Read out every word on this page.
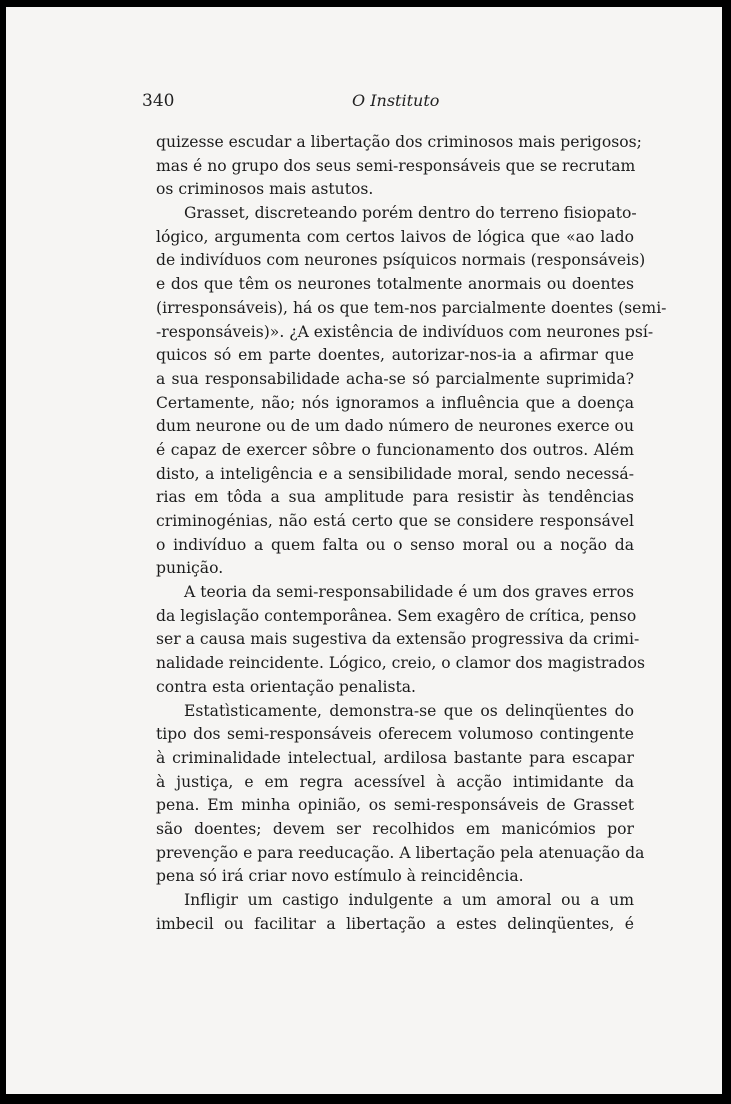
340	O Instituto
quizesse escudar a libertação dos criminosos mais perigosos;
mas é no grupo dos seus semi-responsáveis que se recrutam
os criminosos mais astutos.
Grasset, discreteando porém dentro do terreno fisiopato-
lógico, argumenta com certos laivos de lógica que «ao lado
de indivíduos com neurones psíquicos normais (responsáveis)
e dos que têm os neurones totalmente anormais ou doentes
(irresponsáveis), há os que tem-nos parcialmente doentes (semi-
-responsáveis)». ¿A existência de indivíduos com neurones psí-
quicos só em parte doentes, autorizar-nos-ia a afirmar que
a sua responsabilidade acha-se só parcialmente suprimida?
Certamente, não; nós ignoramos a influência que a doença
dum neurone ou de um dado número de neurones exerce ou
é capaz de exercer sôbre o funcionamento dos outros. Além
disto, a inteligência e a sensibilidade moral, sendo necessá-
rias em tôda a sua amplitude para resistir às tendências
criminogénias, não está certo que se considere responsável
o indivíduo a quem falta ou o senso moral ou a noção da
punição.
A teoria da semi-responsabilidade é um dos graves erros
da legislação contemporânea. Sem exagêro de crítica, penso
ser a causa mais sugestiva da extensão progressiva da crimi-
nalidade reincidente. Lógico, creio, o clamor dos magistrados
contra esta orientação penalista.
Estatìsticamente, demonstra-se que os delinqüentes do
tipo dos semi-responsáveis oferecem volumoso contingente
à criminalidade intelectual, ardilosa bastante para escapar
à justiça, e em regra acessível à acção intimidante da
pena. Em minha opinião, os semi-responsáveis de Grasset
são doentes; devem ser recolhidos em manicómios por
prevenção e para reeducação. A libertação pela atenuação da
pena só irá criar novo estímulo à reincidência.
Infligir um castigo indulgente a um amoral ou a um
imbecil ou facilitar a libertação a estes delinqüentes, é
